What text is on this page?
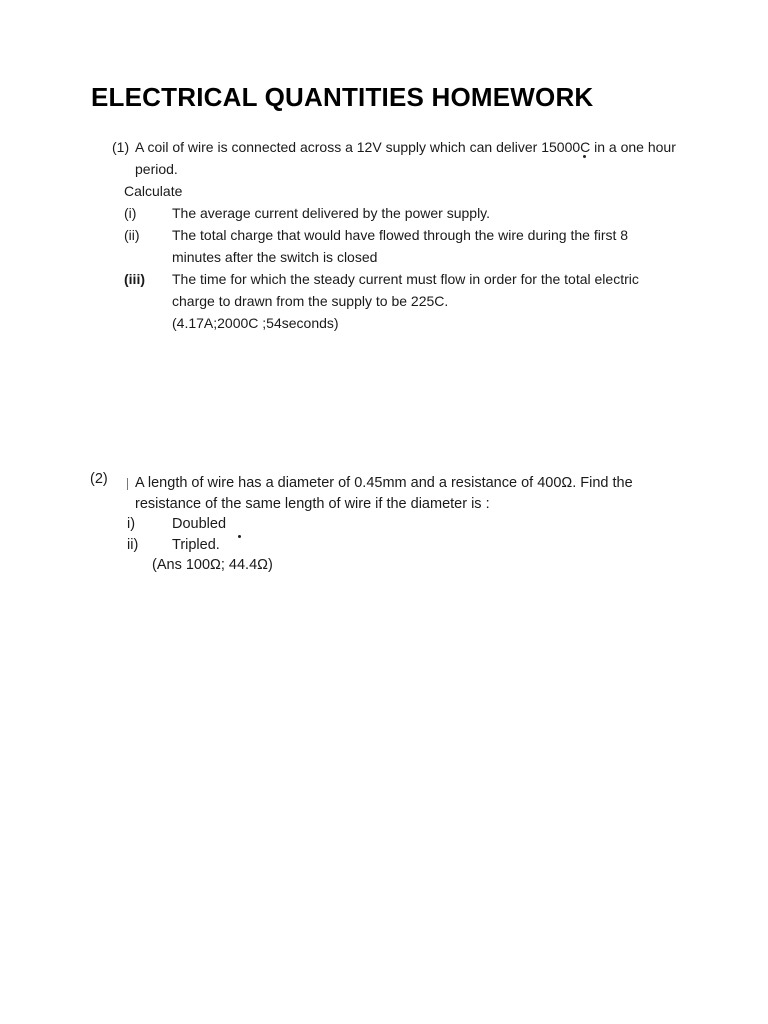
ELECTRICAL QUANTITIES HOMEWORK
(1) A coil of wire is connected across a 12V supply which can deliver 15000C in a one hour
period.
Calculate
(i)	The average current delivered by the power supply.
(ii) The total charge that would have flowed through the wire during the first 8
minutes after the switch is closed
(iii) The time for which the steady current must flow in order for the total electric
charge to drawn from the supply to be 225C.
(4.17A;2000C ;54seconds)
(2) A length of wire has a diameter of 0.45mm and a resistance of 400Ω. Find the
resistance of the same length of wire if the diameter is :
i)	Doubled
ii) Tripled.
(Ans 100Ω; 44.4Ω)
